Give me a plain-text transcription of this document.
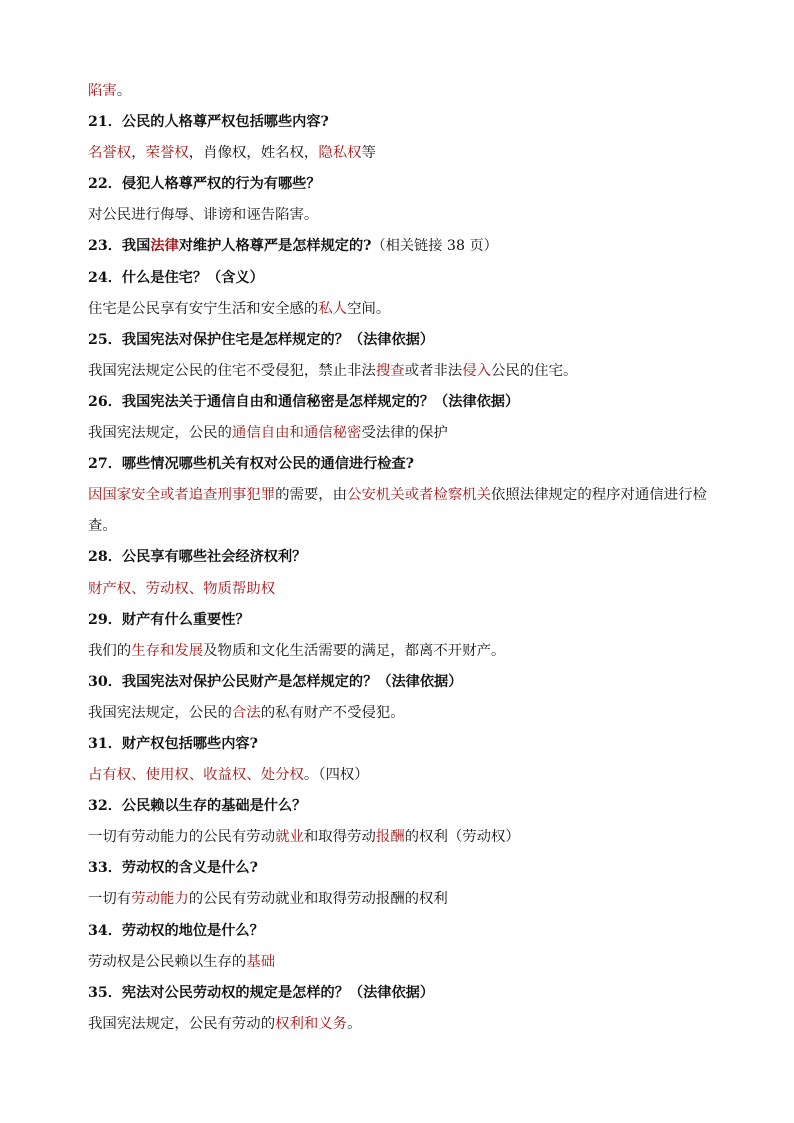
陷害。
21．公民的人格尊严权包括哪些内容?
名誉权，荣誉权，肖像权，姓名权，隐私权等
22．侵犯人格尊严权的行为有哪些？
对公民进行侮辱、诽谤和诬告陷害。
23．我国法律对维护人格尊严是怎样规定的?（相关链接 38 页）
24．什么是住宅？（含义）
住宅是公民享有安宁生活和安全感的私人空间。
25．我国宪法对保护住宅是怎样规定的？（法律依据）
我国宪法规定公民的住宅不受侵犯，禁止非法搜查或者非法侵入公民的住宅。
26．我国宪法关于通信自由和通信秘密是怎样规定的？（法律依据）
我国宪法规定，公民的通信自由和通信秘密受法律的保护
27．哪些情况哪些机关有权对公民的通信进行检查?
因国家安全或者追查刑事犯罪的需要，由公安机关或者检察机关依照法律规定的程序对通信进行检查。
28．公民享有哪些社会经济权利？
财产权、劳动权、物质帮助权
29．财产有什么重要性？
我们的生存和发展及物质和文化生活需要的满足，都离不开财产。
30．我国宪法对保护公民财产是怎样规定的？（法律依据）
我国宪法规定，公民的合法的私有财产不受侵犯。
31．财产权包括哪些内容?
占有权、使用权、收益权、处分权。（四权）
32．公民赖以生存的基础是什么？
一切有劳动能力的公民有劳动就业和取得劳动报酬的权利（劳动权）
33．劳动权的含义是什么?
一切有劳动能力的公民有劳动就业和取得劳动报酬的权利
34．劳动权的地位是什么？
劳动权是公民赖以生存的基础
35．宪法对公民劳动权的规定是怎样的？（法律依据）
我国宪法规定，公民有劳动的权利和义务。
